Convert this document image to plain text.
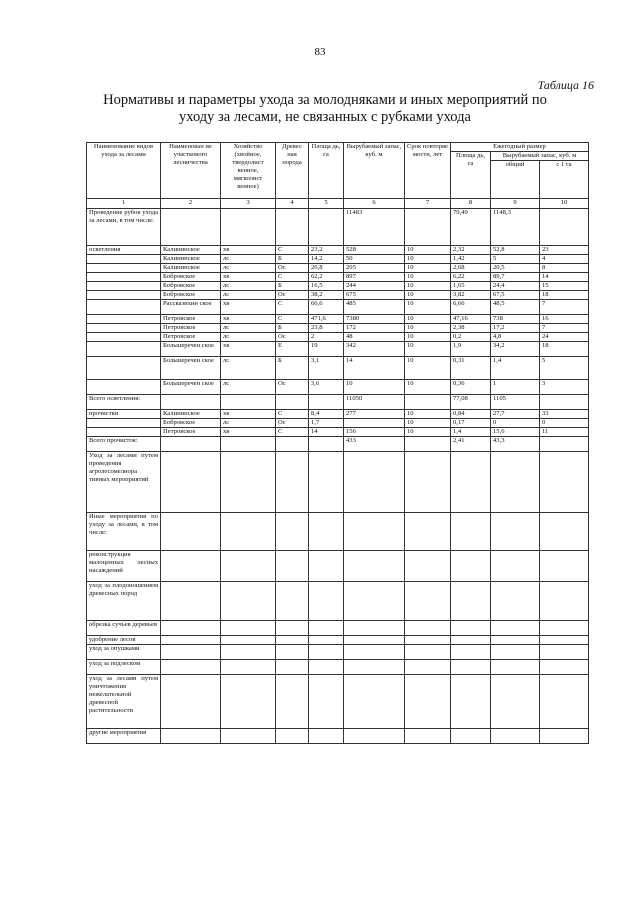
83
Таблица 16
Нормативы и параметры ухода за молодняками и иных мероприятий по
уходу за лесами, не связанных с рубками ухода
Наименование видов ухода за лесами	Наименован ие участкового лесничества	Хозяйство (хвойное, твердолист венное, мягколист венное)	Древес ная порода	Площа дь, га	Вырубаемый запас, куб. м	Срок повторяе мости, лет	Ежегодный размер		
							Площа дь, га	Вырубаемый запас, куб. м	
								общий	с 1 га
1	2	3	4	5	6	7	8	9	10
Проведение рубок ухода за лесами, в том числе:					11483		79,49	1148,3	
осветления	Калининское	хв	С	23,2	528	10	2,32	52,8	23
	Калининское	лс	Б	14,2	50	10	1,42	5	4
	Калининское	лс	Ос	26,8	205	10	2,68	20,5	8
	Бобровское	хв	С	62,2	897	10	6,22	89,7	14
	Бобровское	лс	Б	16,5	244	10	1,65	24,4	15
	Бобровское	лс	Ос	38,2	675	10	3,82	67,5	18
	Рассказихин ское	хв	С	66,6	485	10	6,66	48,5	7
	Петровское	хв	С	471,6	7380	10	47,16	738	16
	Петровское	лс	Б	23,8	172	10	2,38	17,2	7
	Петровское	лс	Ос	2	48	10	0,2	4,8	24
	Большеречен ское	хв	Е	19	342	10	1,9	34,2	18
	Большеречен ское	лс	Б	3,1	14	10	0,31	1,4	5
	Большеречен ское	лс	Ос	3,6	10	10	0,36	1	3
Всего осветления:					11050		77,08	1105	
прочистки	Калининское	хв	С	8,4	277	10	0,84	27,7	33
	Бобровское	лс	Ос	1,7		10	0,17	0	0
	Петровское	хв	С	14	156	10	1,4	15,6	11
Всего прочисток:					433		2,41	43,3	
Уход за лесами путем проведения агролесомелиора тивных мероприятий									
Иные мероприятия по уходу за лесами, в том числе:									
реконструкция малоценных лесных насаждений									
уход за плодоношением древесных пород									
обрезка сучьев деревьев									
удобрение лесов									
уход за опушками									
уход за подлеском									
уход за лесами путем уничтожения нежелательной древесной растительности									
другие мероприятия									
